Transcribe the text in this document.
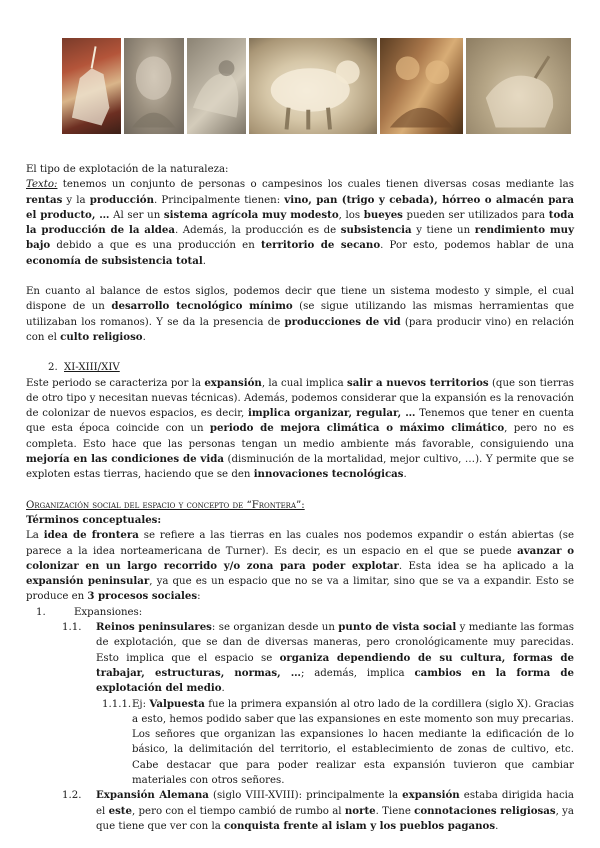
El tipo de explotación de la naturaleza:

Texto: tenemos un conjunto de personas o campesinos los cuales tienen diversas cosas mediante las rentas y la producción. Principalmente tienen: vino, pan (trigo y cebada), hórreo o almacén para el producto, … Al ser un sistema agrícola muy modesto, los bueyes pueden ser utilizados para toda la producción de la aldea. Además, la producción es de subsistencia y tiene un rendimiento muy bajo debido a que es una producción en territorio de secano. Por esto, podemos hablar de una economía de subsistencia total.

En cuanto al balance de estos siglos, podemos decir que tiene un sistema modesto y simple, el cual dispone de un desarrollo tecnológico mínimo (se sigue utilizando las mismas herramientas que utilizaban los romanos). Y se da la presencia de producciones de vid (para producir vino) en relación con el culto religioso.

2. XI-XIII/XIV

Este periodo se caracteriza por la expansión, la cual implica salir a nuevos territorios (que son tierras de otro tipo y necesitan nuevas técnicas). Además, podemos considerar que la expansión es la renovación de colonizar de nuevos espacios, es decir, implica organizar, regular, … Tenemos que tener en cuenta que esta época coincide con un periodo de mejora climática o máximo climático, pero no es completa. Esto hace que las personas tengan un medio ambiente más favorable, consiguiendo una mejoría en las condiciones de vida (disminución de la mortalidad, mejor cultivo, …). Y permite que se exploten estas tierras, haciendo que se den innovaciones tecnológicas.

Organización social del espacio y concepto de “Frontera”:
Términos conceptuales:

La idea de frontera se refiere a las tierras en las cuales nos podemos expandir o están abiertas (se parece a la idea norteamericana de Turner). Es decir, es un espacio en el que se puede avanzar o colonizar en un largo recorrido y/o zona para poder explotar. Esta idea se ha aplicado a la expansión peninsular, ya que es un espacio que no se va a limitar, sino que se va a expandir. Esto se produce en 3 procesos sociales:

1.	Expansiones:
1.1.	Reinos peninsulares: se organizan desde un punto de vista social y mediante las formas de explotación, que se dan de diversas maneras, pero cronológicamente muy parecidas. Esto implica que el espacio se organiza dependiendo de su cultura, formas de trabajar, estructuras, normas, …; además, implica cambios en la forma de explotación del medio.
1.1.1. Ej: Valpuesta fue la primera expansión al otro lado de la cordillera (siglo X). Gracias a esto, hemos podido saber que las expansiones en este momento son muy precarias. Los señores que organizan las expansiones lo hacen mediante la edificación de lo básico, la delimitación del territorio, el establecimiento de zonas de cultivo, etc. Cabe destacar que para poder realizar esta expansión tuvieron que cambiar materiales con otros señores.
1.2.	Expansión Alemana (siglo VIII-XVIII): principalmente la expansión estaba dirigida hacia el este, pero con el tiempo cambió de rumbo al norte. Tiene connotaciones religiosas, ya que tiene que ver con la conquista frente al islam y los pueblos paganos.
